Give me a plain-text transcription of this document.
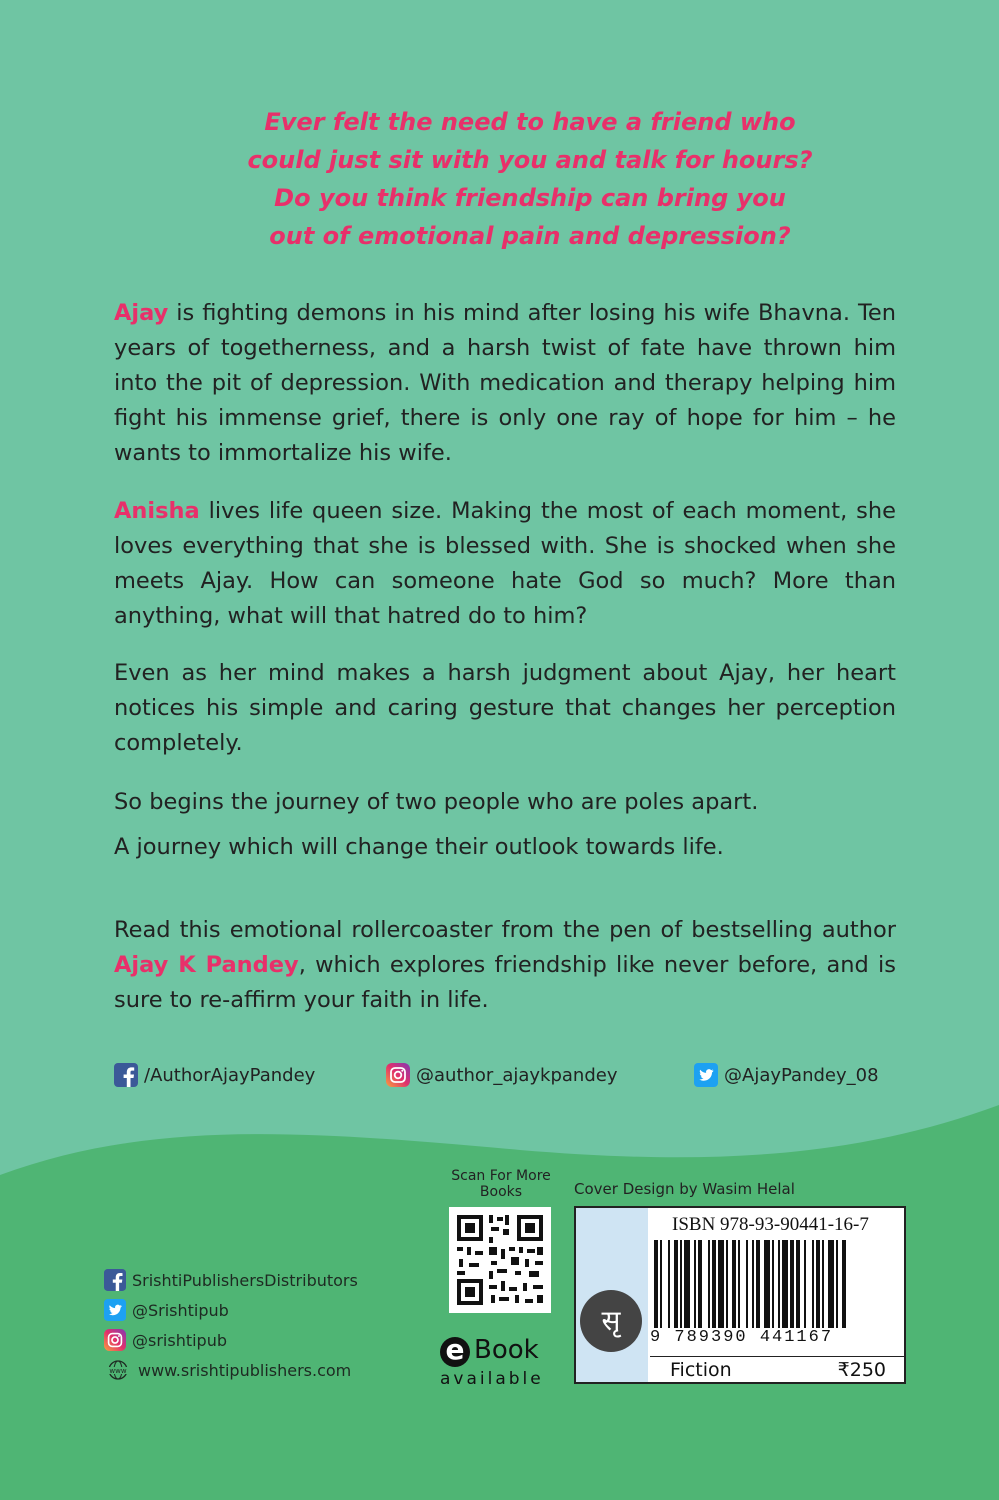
Ever felt the need to have a friend who
could just sit with you and talk for hours?
Do you think friendship can bring you
out of emotional pain and depression?
Ajay is fighting demons in his mind after losing his wife Bhavna. Ten years of togetherness, and a harsh twist of fate have thrown him into the pit of depression. With medication and therapy helping him fight his immense grief, there is only one ray of hope for him – he wants to immortalize his wife.
Anisha lives life queen size. Making the most of each moment, she loves everything that she is blessed with. She is shocked when she meets Ajay. How can someone hate God so much? More than anything, what will that hatred do to him?
Even as her mind makes a harsh judgment about Ajay, her heart notices his simple and caring gesture that changes her perception completely.
So begins the journey of two people who are poles apart.
A journey which will change their outlook towards life.
Read this emotional rollercoaster from the pen of bestselling author Ajay K Pandey, which explores friendship like never before, and is sure to re-affirm your faith in life.
/AuthorAjayPandey	@author_ajaykpandey	@AjayPandey_08
SrishtiPublishersDistributors
@Srishtipub
@srishtipub
www www.srishtipublishers.com
Scan For More Books
e Book
available
Cover Design by Wasim Helal
सृ
ISBN 978-93-90441-16-7
9 789390 441167
Fiction	₹250
